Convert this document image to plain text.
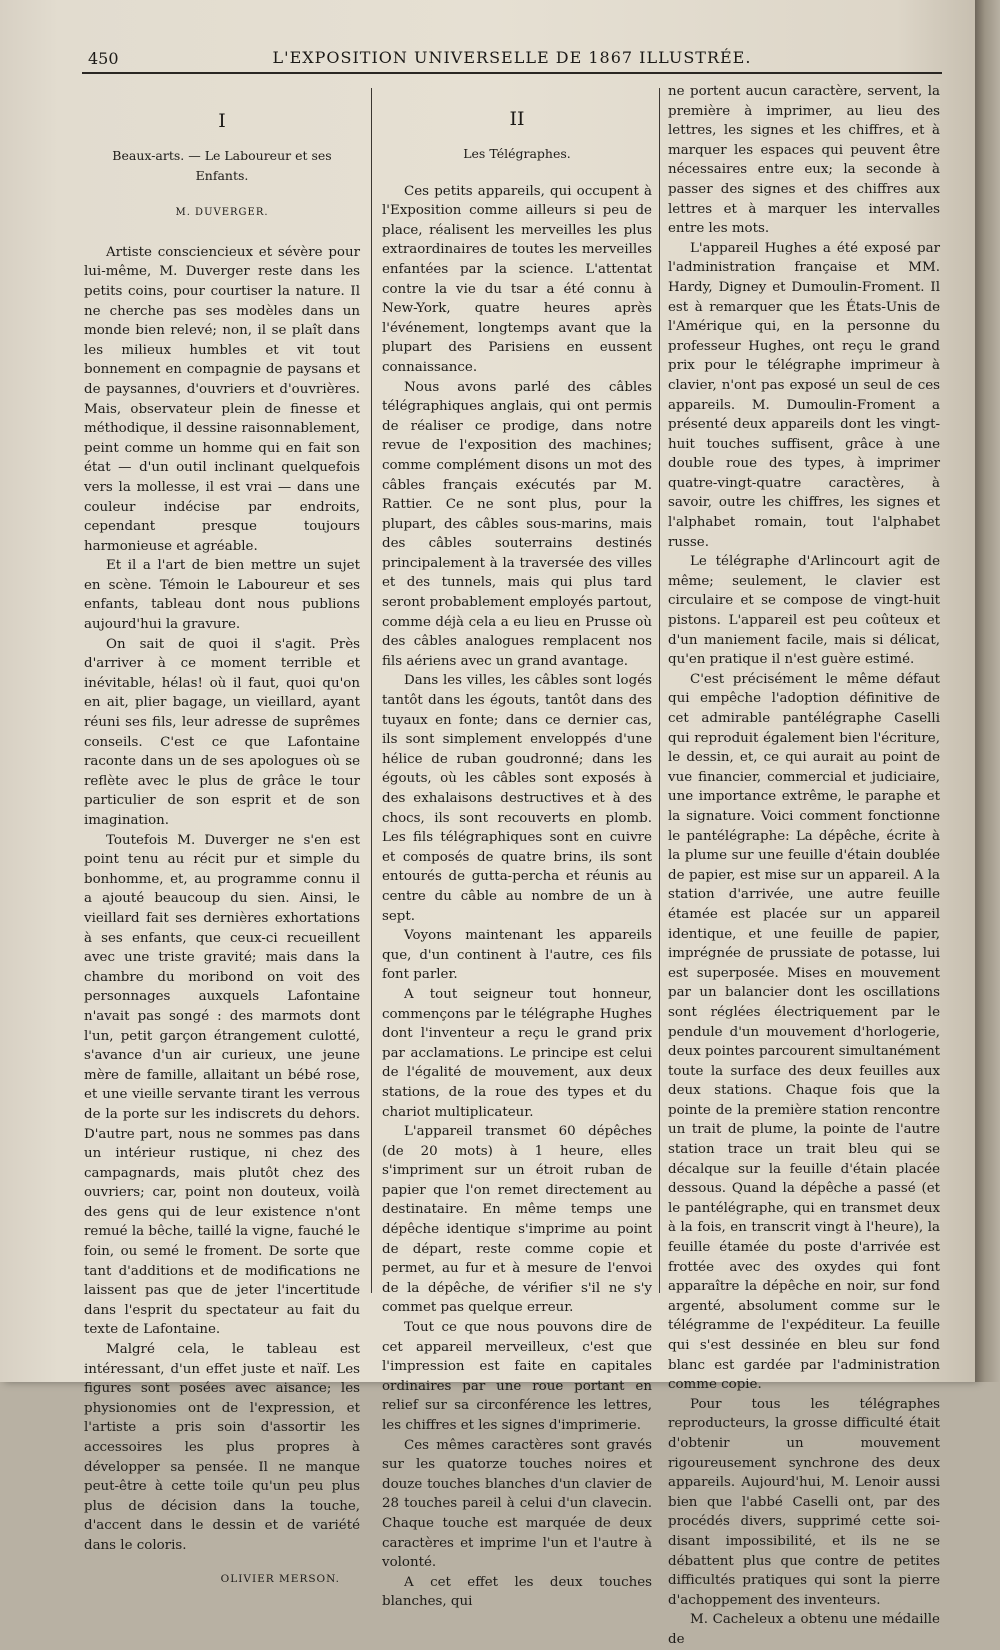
450	L'EXPOSITION UNIVERSELLE DE 1867 ILLUSTRÉE.
I
Beaux-arts. — Le Laboureur et ses Enfants.
M. DUVERGER.

Artiste consciencieux et sévère pour lui-même, M. Duverger reste dans les petits coins, pour courtiser la nature. Il ne cherche pas ses modèles dans un monde bien relevé; non, il se plaît dans les milieux humbles et vit tout bonnement en compagnie de paysans et de paysannes, d'ouvriers et d'ouvrières. Mais, observateur plein de finesse et méthodique, il dessine raisonnablement, peint comme un homme qui en fait son état — d'un outil inclinant quelquefois vers la mollesse, il est vrai — dans une couleur indécise par endroits, cependant presque toujours harmonieuse et agréable.

Et il a l'art de bien mettre un sujet en scène. Témoin le Laboureur et ses enfants, tableau dont nous publions aujourd'hui la gravure.

On sait de quoi il s'agit. Près d'arriver à ce moment terrible et inévitable, hélas! où il faut, quoi qu'on en ait, plier bagage, un vieillard, ayant réuni ses fils, leur adresse de suprêmes conseils. C'est ce que Lafontaine raconte dans un de ses apologues où se reflète avec le plus de grâce le tour particulier de son esprit et de son imagination.

Toutefois M. Duverger ne s'en est point tenu au récit pur et simple du bonhomme, et, au programme connu il a ajouté beaucoup du sien. Ainsi, le vieillard fait ses dernières exhortations à ses enfants, que ceux-ci recueillent avec une triste gravité; mais dans la chambre du moribond on voit des personnages auxquels Lafontaine n'avait pas songé : des marmots dont l'un, petit garçon étrangement culotté, s'avance d'un air curieux, une jeune mère de famille, allaitant un bébé rose, et une vieille servante tirant les verrous de la porte sur les indiscrets du dehors. D'autre part, nous ne sommes pas dans un intérieur rustique, ni chez des campagnards, mais plutôt chez des ouvriers; car, point non douteux, voilà des gens qui de leur existence n'ont remué la bêche, taillé la vigne, fauché le foin, ou semé le froment. De sorte que tant d'additions et de modifications ne laissent pas que de jeter l'incertitude dans l'esprit du spectateur au fait du texte de Lafontaine.

Malgré cela, le tableau est intéressant, d'un effet juste et naïf. Les figures sont posées avec aisance; les physionomies ont de l'expression, et l'artiste a pris soin d'assortir les accessoires les plus propres à développer sa pensée. Il ne manque peut-être à cette toile qu'un peu plus plus de décision dans la touche, d'accent dans le dessin et de variété dans le coloris.

OLIVIER MERSON.
II
Les Télégraphes.

Ces petits appareils, qui occupent à l'Exposition comme ailleurs si peu de place, réalisent les merveilles les plus extraordinaires de toutes les merveilles enfantées par la science. L'attentat contre la vie du tsar a été connu à New-York, quatre heures après l'événement, longtemps avant que la plupart des Parisiens en eussent connaissance.

Nous avons parlé des câbles télégraphiques anglais, qui ont permis de réaliser ce prodige, dans notre revue de l'exposition des machines; comme complément disons un mot des câbles français exécutés par M. Rattier. Ce ne sont plus, pour la plupart, des câbles sous-marins, mais des câbles souterrains destinés principalement à la traversée des villes et des tunnels, mais qui plus tard seront probablement employés partout, comme déjà cela a eu lieu en Prusse où des câbles analogues remplacent nos fils aériens avec un grand avantage.

Dans les villes, les câbles sont logés tantôt dans les égouts, tantôt dans des tuyaux en fonte; dans ce dernier cas, ils sont simplement enveloppés d'une hélice de ruban goudronné; dans les égouts, où les câbles sont exposés à des exhalaisons destructives et à des chocs, ils sont recouverts en plomb. Les fils télégraphiques sont en cuivre et composés de quatre brins, ils sont entourés de gutta-percha et réunis au centre du câble au nombre de un à sept.

Voyons maintenant les appareils que, d'un continent à l'autre, ces fils font parler.

A tout seigneur tout honneur, commençons par le télégraphe Hughes dont l'inventeur a reçu le grand prix par acclamations. Le principe est celui de l'égalité de mouvement, aux deux stations, de la roue des types et du chariot multiplicateur.

L'appareil transmet 60 dépêches (de 20 mots) à 1 heure, elles s'impriment sur un étroit ruban de papier que l'on remet directement au destinataire. En même temps une dépêche identique s'imprime au point de départ, reste comme copie et permet, au fur et à mesure de l'envoi de la dépêche, de vérifier s'il ne s'y commet pas quelque erreur.

Tout ce que nous pouvons dire de cet appareil merveilleux, c'est que l'impression est faite en capitales ordinaires par une roue portant en relief sur sa circonférence les lettres, les chiffres et les signes d'imprimerie.

Ces mêmes caractères sont gravés sur les quatorze touches noires et douze touches blanches d'un clavier de 28 touches pareil à celui d'un clavecin. Chaque touche est marquée de deux caractères et imprime l'un et l'autre à volonté.

A cet effet les deux touches blanches, qui

ne portent aucun caractère, servent, la première à imprimer, au lieu des lettres, les signes et les chiffres, et à marquer les espaces qui peuvent être nécessaires entre eux; la seconde à passer des signes et des chiffres aux lettres et à marquer les intervalles entre les mots.

L'appareil Hughes a été exposé par l'administration française et MM. Hardy, Digney et Dumoulin-Froment. Il est à remarquer que les États-Unis de l'Amérique qui, en la personne du professeur Hughes, ont reçu le grand prix pour le télégraphe imprimeur à clavier, n'ont pas exposé un seul de ces appareils. M. Dumoulin-Froment a présenté deux appareils dont les vingt-huit touches suffisent, grâce à une double roue des types, à imprimer quatre-vingt-quatre caractères, à savoir, outre les chiffres, les signes et l'alphabet romain, tout l'alphabet russe.

Le télégraphe d'Arlincourt agit de même; seulement, le clavier est circulaire et se compose de vingt-huit pistons. L'appareil est peu coûteux et d'un maniement facile, mais si délicat, qu'en pratique il n'est guère estimé.

C'est précisément le même défaut qui empêche l'adoption définitive de cet admirable pantélégraphe Caselli qui reproduit également bien l'écriture, le dessin, et, ce qui aurait au point de vue financier, commercial et judiciaire, une importance extrême, le paraphe et la signature. Voici comment fonctionne le pantélégraphe: La dépêche, écrite à la plume sur une feuille d'étain doublée de papier, est mise sur un appareil. A la station d'arrivée, une autre feuille étamée est placée sur un appareil identique, et une feuille de papier, imprégnée de prussiate de potasse, lui est superposée. Mises en mouvement par un balancier dont les oscillations sont réglées électriquement par le pendule d'un mouvement d'horlogerie, deux pointes parcourent simultanément toute la surface des deux feuilles aux deux stations. Chaque fois que la pointe de la première station rencontre un trait de plume, la pointe de l'autre station trace un trait bleu qui se décalque sur la feuille d'étain placée dessous. Quand la dépêche a passé (et le pantélégraphe, qui en transmet deux à la fois, en transcrit vingt à l'heure), la feuille étamée du poste d'arrivée est frottée avec des oxydes qui font apparaître la dépêche en noir, sur fond argenté, absolument comme sur le télégramme de l'expéditeur. La feuille qui s'est dessinée en bleu sur fond blanc est gardée par l'administration comme copie.

Pour tous les télégraphes reproducteurs, la grosse difficulté était d'obtenir un mouvement rigoureusement synchrone des deux appareils. Aujourd'hui, M. Lenoir aussi bien que l'abbé Caselli ont, par des procédés divers, supprimé cette soi-disant impossibilité, et ils ne se débattent plus que contre de petites difficultés pratiques qui sont la pierre d'achoppement des inventeurs.

M. Cacheleux a obtenu une médaille de
